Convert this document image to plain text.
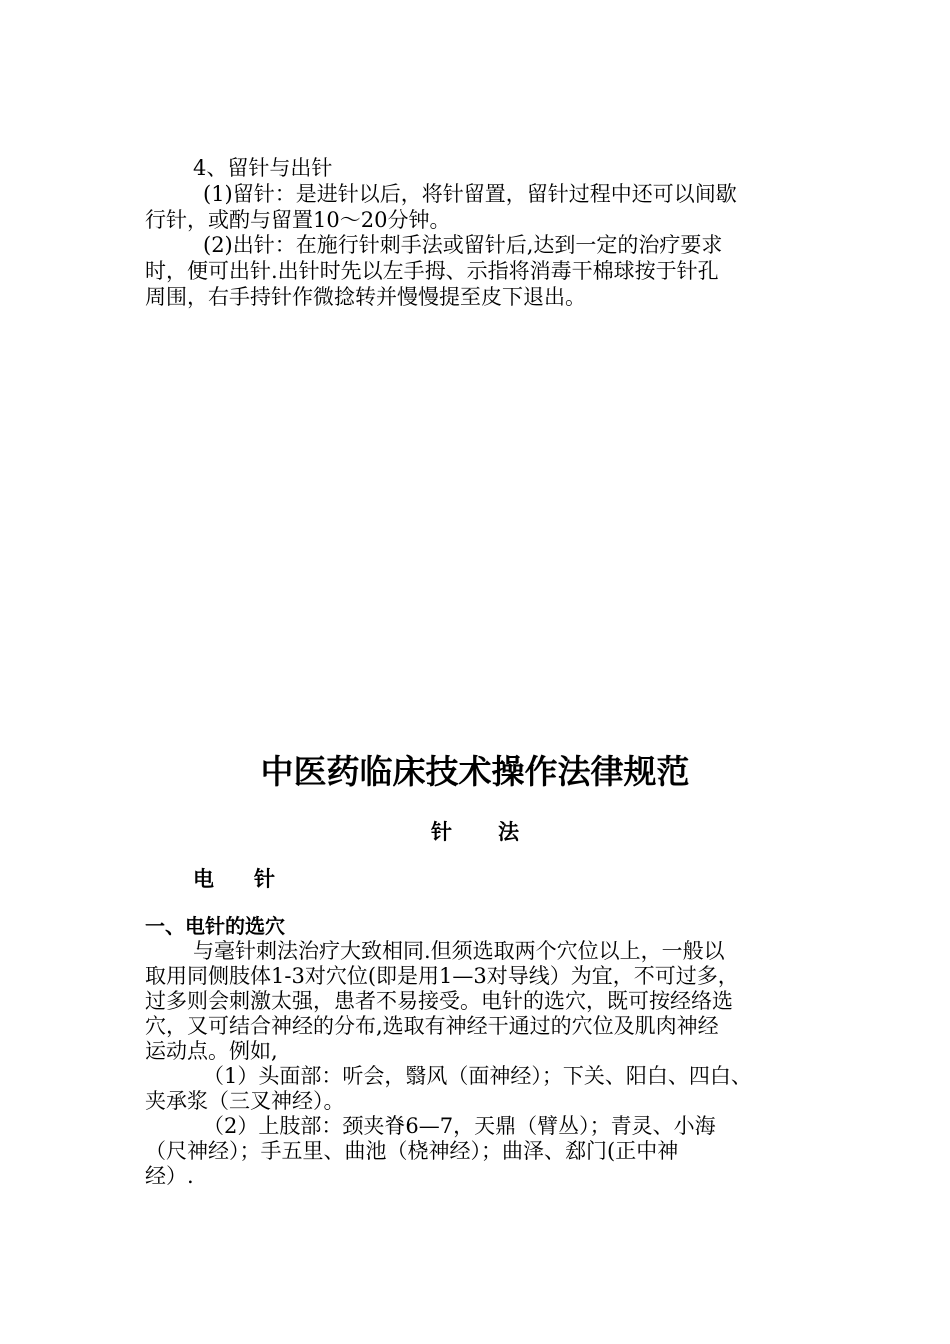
4、留针与出针
(1)留针：是进针以后，将针留置，留针过程中还可以间歇
行针，或酌与留置10～20分钟。
(2)出针：在施行针刺手法或留针后,达到一定的治疗要求
时，便可出针.出针时先以左手拇、示指将消毒干棉球按于针孔
周围，右手持针作微捻转并慢慢提至皮下退出。
中医药临床技术操作法律规范
针 法
电 针
一、电针的选穴
与毫针刺法治疗大致相同.但须选取两个穴位以上，一般以
取用同侧肢体1-3对穴位(即是用1—3对导线）为宜，不可过多，
过多则会刺激太强，患者不易接受。电针的选穴，既可按经络选
穴，又可结合神经的分布,选取有神经干通过的穴位及肌肉神经
运动点。例如,
（1）头面部：听会，翳风（面神经）；下关、阳白、四白、
夹承浆（三叉神经）。
（2）上肢部：颈夹脊6—7，天鼎（臂丛）；青灵、小海
（尺神经）；手五里、曲池（桡神经）；曲泽、郄门(正中神
经）.
